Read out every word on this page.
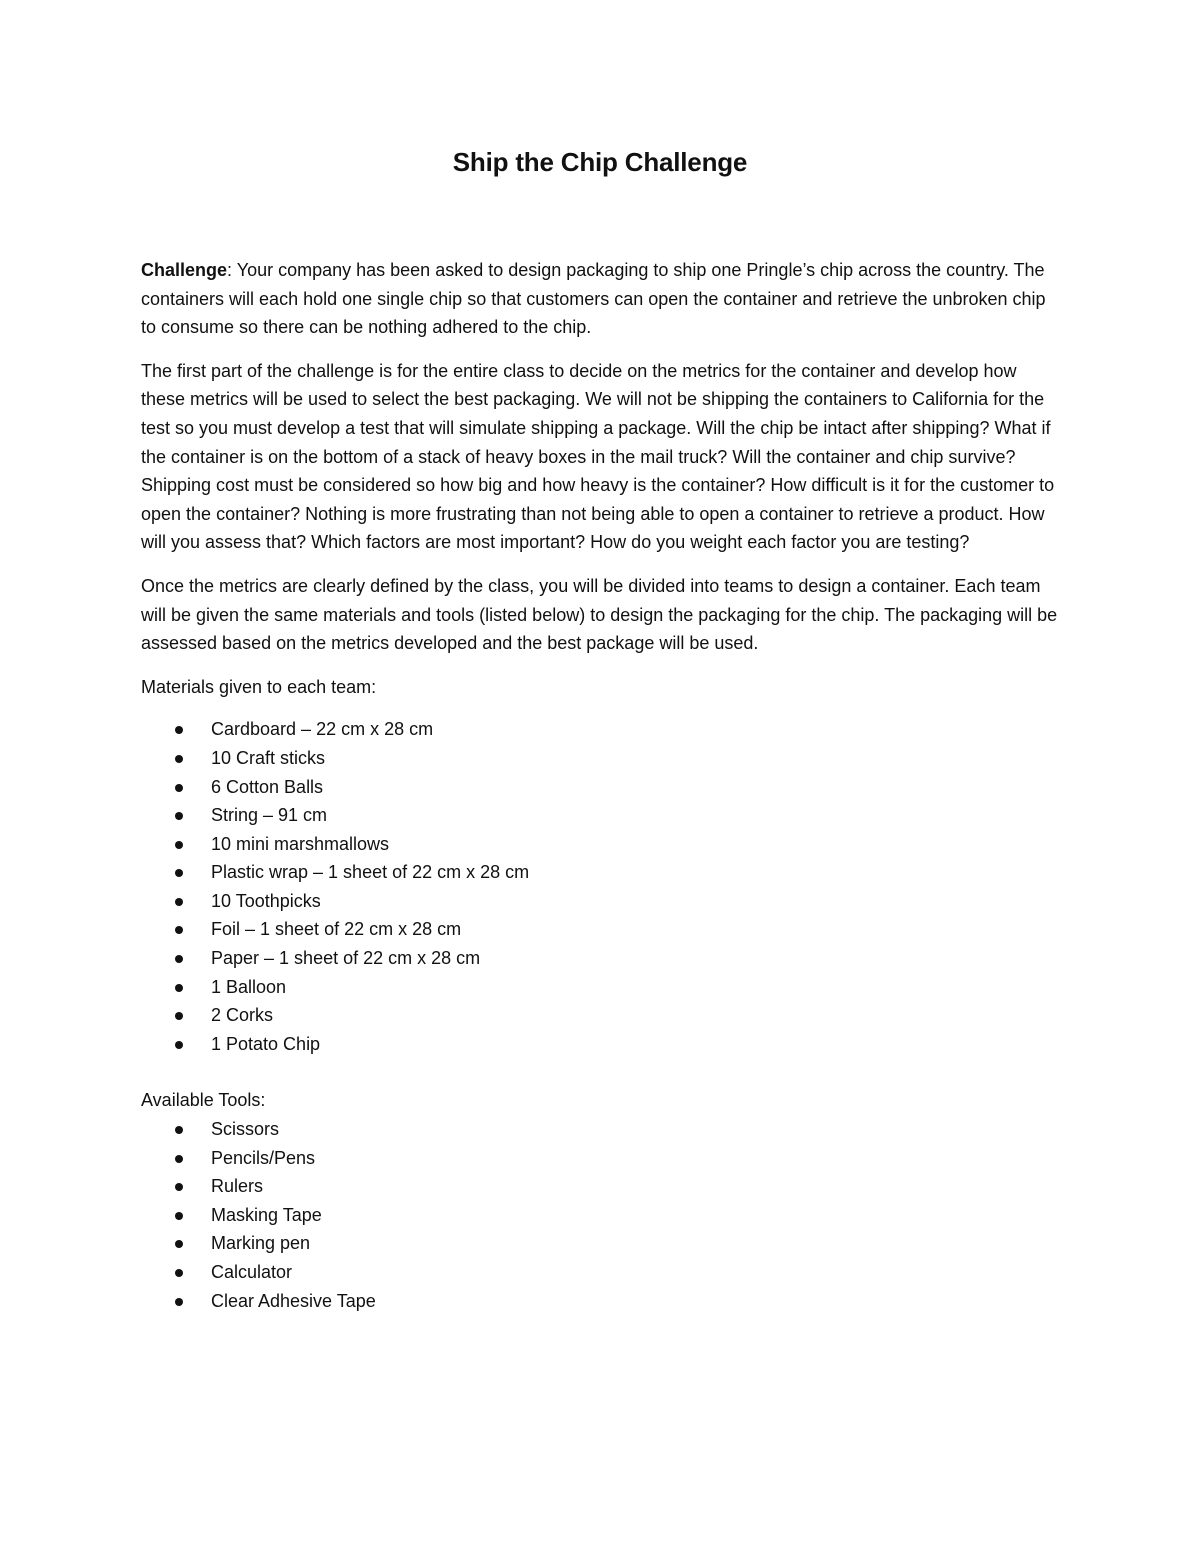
Ship the Chip Challenge

Challenge: Your company has been asked to design packaging to ship one Pringle’s chip across the country. The containers will each hold one single chip so that customers can open the container and retrieve the unbroken chip to consume so there can be nothing adhered to the chip.

The first part of the challenge is for the entire class to decide on the metrics for the container and develop how these metrics will be used to select the best packaging. We will not be shipping the containers to California for the test so you must develop a test that will simulate shipping a package. Will the chip be intact after shipping? What if the container is on the bottom of a stack of heavy boxes in the mail truck? Will the container and chip survive? Shipping cost must be considered so how big and how heavy is the container? How difficult is it for the customer to open the container? Nothing is more frustrating than not being able to open a container to retrieve a product. How will you assess that? Which factors are most important? How do you weight each factor you are testing?

Once the metrics are clearly defined by the class, you will be divided into teams to design a container. Each team will be given the same materials and tools (listed below) to design the packaging for the chip. The packaging will be assessed based on the metrics developed and the best package will be used.

Materials given to each team:

Cardboard – 22 cm x 28 cm
10 Craft sticks
6 Cotton Balls
String – 91 cm
10 mini marshmallows
Plastic wrap – 1 sheet of 22 cm x 28 cm
10 Toothpicks
Foil – 1 sheet of 22 cm x 28 cm
Paper – 1 sheet of 22 cm x 28 cm
1 Balloon
2 Corks
1 Potato Chip

Available Tools:

Scissors
Pencils/Pens
Rulers
Masking Tape
Marking pen
Calculator
Clear Adhesive Tape
